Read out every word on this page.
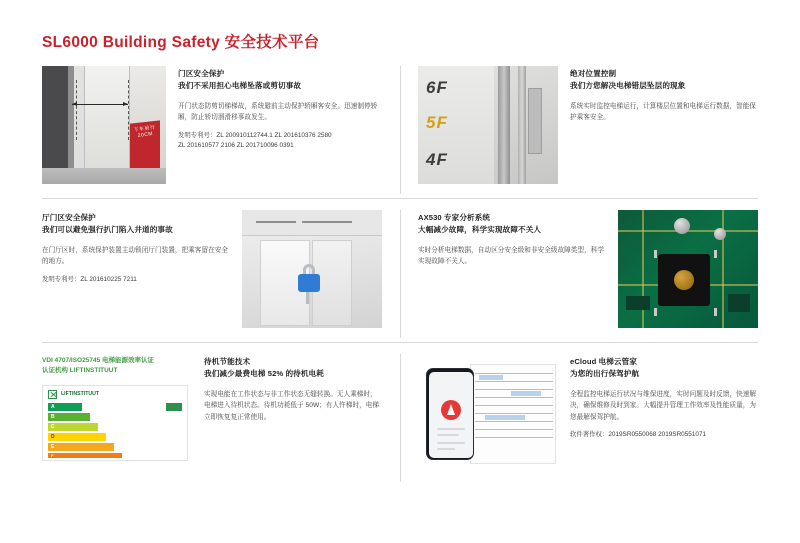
SL6000 Building Safety 安全技术平台
下车前行20CM
门区安全保护
我们不采用担心电梯坠落或剪切事故
开门状态防剪切梯梯故，系统避前主动保护轿厢客安全。迅速制停轿厢，防止轿切溜滑移事故发生。
发明专利号：ZL 200910112744.1 ZL 201610376 2580
ZL 201610577 2106 ZL 201710096 0391
6F
5F
4F
绝对位置控制
我们方您解决电梯错层坠层的现象
系统实时监控电梯运行，计算楼层位置和电梯运行数据，智能保护乘客安全。
厅门区安全保护
我们可以避免强行扒门陷入井道的事故
在门厅区时，系统保护装置主动锁闭厅门装置，把乘客留在安全的地方。
发明专利号：ZL 201610225 7211
AX530 专家分析系统
大幅减少故障，科学实现故障不关人
实时分析电梯数据，自动区分安全级和非安全级故障类型，科学实现故障不关人。
VDI 4707/ISO25745 电梯能源效率认证
认证机构 LIFTINSTITUUT
LIFTINSTITUUT
A
B
C
D
E
F
待机节能技术
我们减少最费电梯 52% 的待机电耗
实现电能在工作状态与非工作状态无缝转换。无人乘梯时，电梯进入待机状态。待机功耗低于 50W；有人忤梯时，电梯立即恢复复正常使用。
eCloud 电梯云管家
为您的出行保驾护航
全程监控电梯运行状况与维保进度，实时问题及时反馈，快速解决，确保维修及时到家。大幅提升管理工作效率及性能质量，为您最解保驾护航。
软件著作权：2019SR0550068 2019SR0551071
